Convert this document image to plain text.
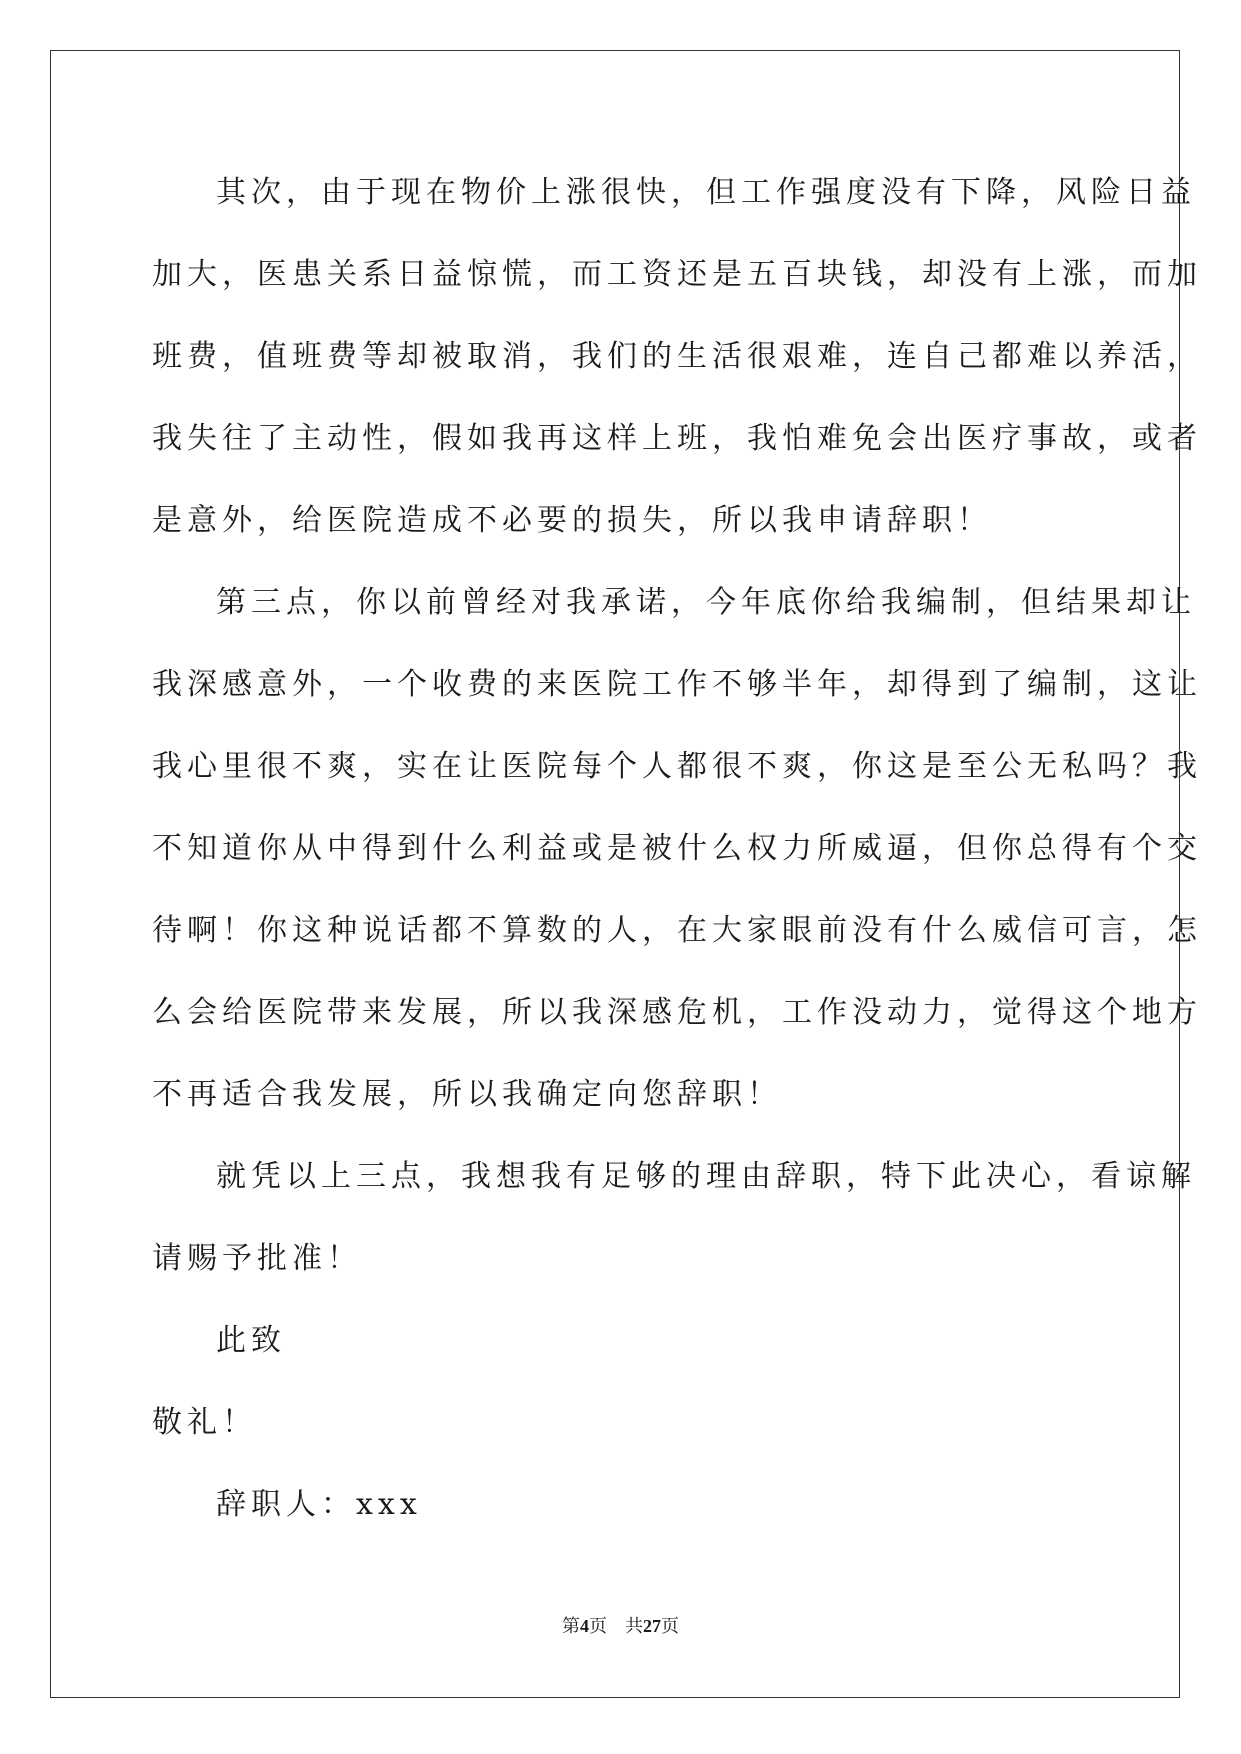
其次，由于现在物价上涨很快，但工作强度没有下降，风险日益
加大，医患关系日益惊慌，而工资还是五百块钱，却没有上涨，而加
班费，值班费等却被取消，我们的生活很艰难，连自己都难以养活，
我失往了主动性，假如我再这样上班，我怕难免会出医疗事故，或者
是意外，给医院造成不必要的损失，所以我申请辞职！
第三点，你以前曾经对我承诺，今年底你给我编制，但结果却让
我深感意外，一个收费的来医院工作不够半年，却得到了编制，这让
我心里很不爽，实在让医院每个人都很不爽，你这是至公无私吗？我
不知道你从中得到什么利益或是被什么权力所威逼，但你总得有个交
待啊！你这种说话都不算数的人，在大家眼前没有什么威信可言，怎
么会给医院带来发展，所以我深感危机，工作没动力，觉得这个地方
不再适合我发展，所以我确定向您辞职！
就凭以上三点，我想我有足够的理由辞职，特下此决心，看谅解
请赐予批准！
此致
敬礼！
辞职人：xxx
第4页 共27页
